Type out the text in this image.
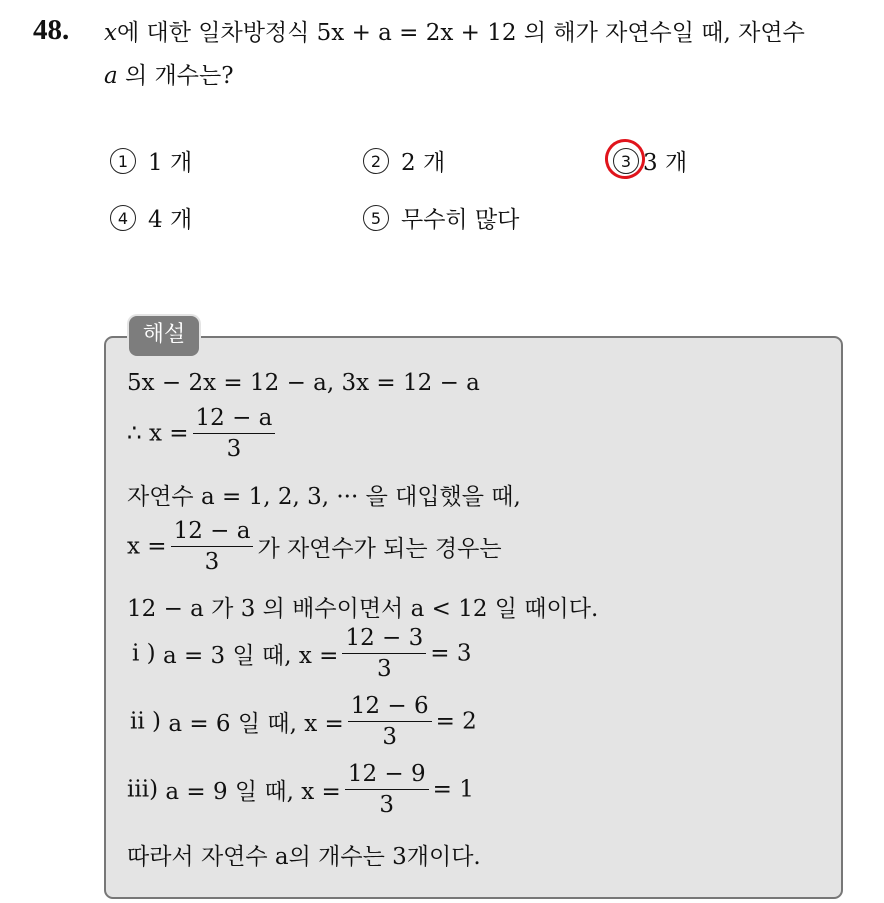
48. x에 대한 일차방정식 5x + a = 2x + 12 의 해가 자연수일 때, 자연수
a 의 개수는?
1 1 개	2 2 개	3 3 개
4 4 개	5 무수히 많다
해설
5x − 2x = 12 − a, 3x = 12 − a
∴ $x = \frac{12 - a}{3}$
자연수 a = 1, 2, 3, ··· 을 대입했을 때,
$x = \frac{12 - a}{3}$ 가 자연수가 되는 경우는
12 − a 가 3 의 배수이면서 a < 12 일 때이다.
i ) a = 3 일 때, $x = \frac{12 - 3}{3} = 3$
ii ) a = 6 일 때, $x = \frac{12 - 6}{3} = 2$
iii) a = 9 일 때, $x = \frac{12 - 9}{3} = 1$
따라서 자연수 a의 개수는 3개이다.
